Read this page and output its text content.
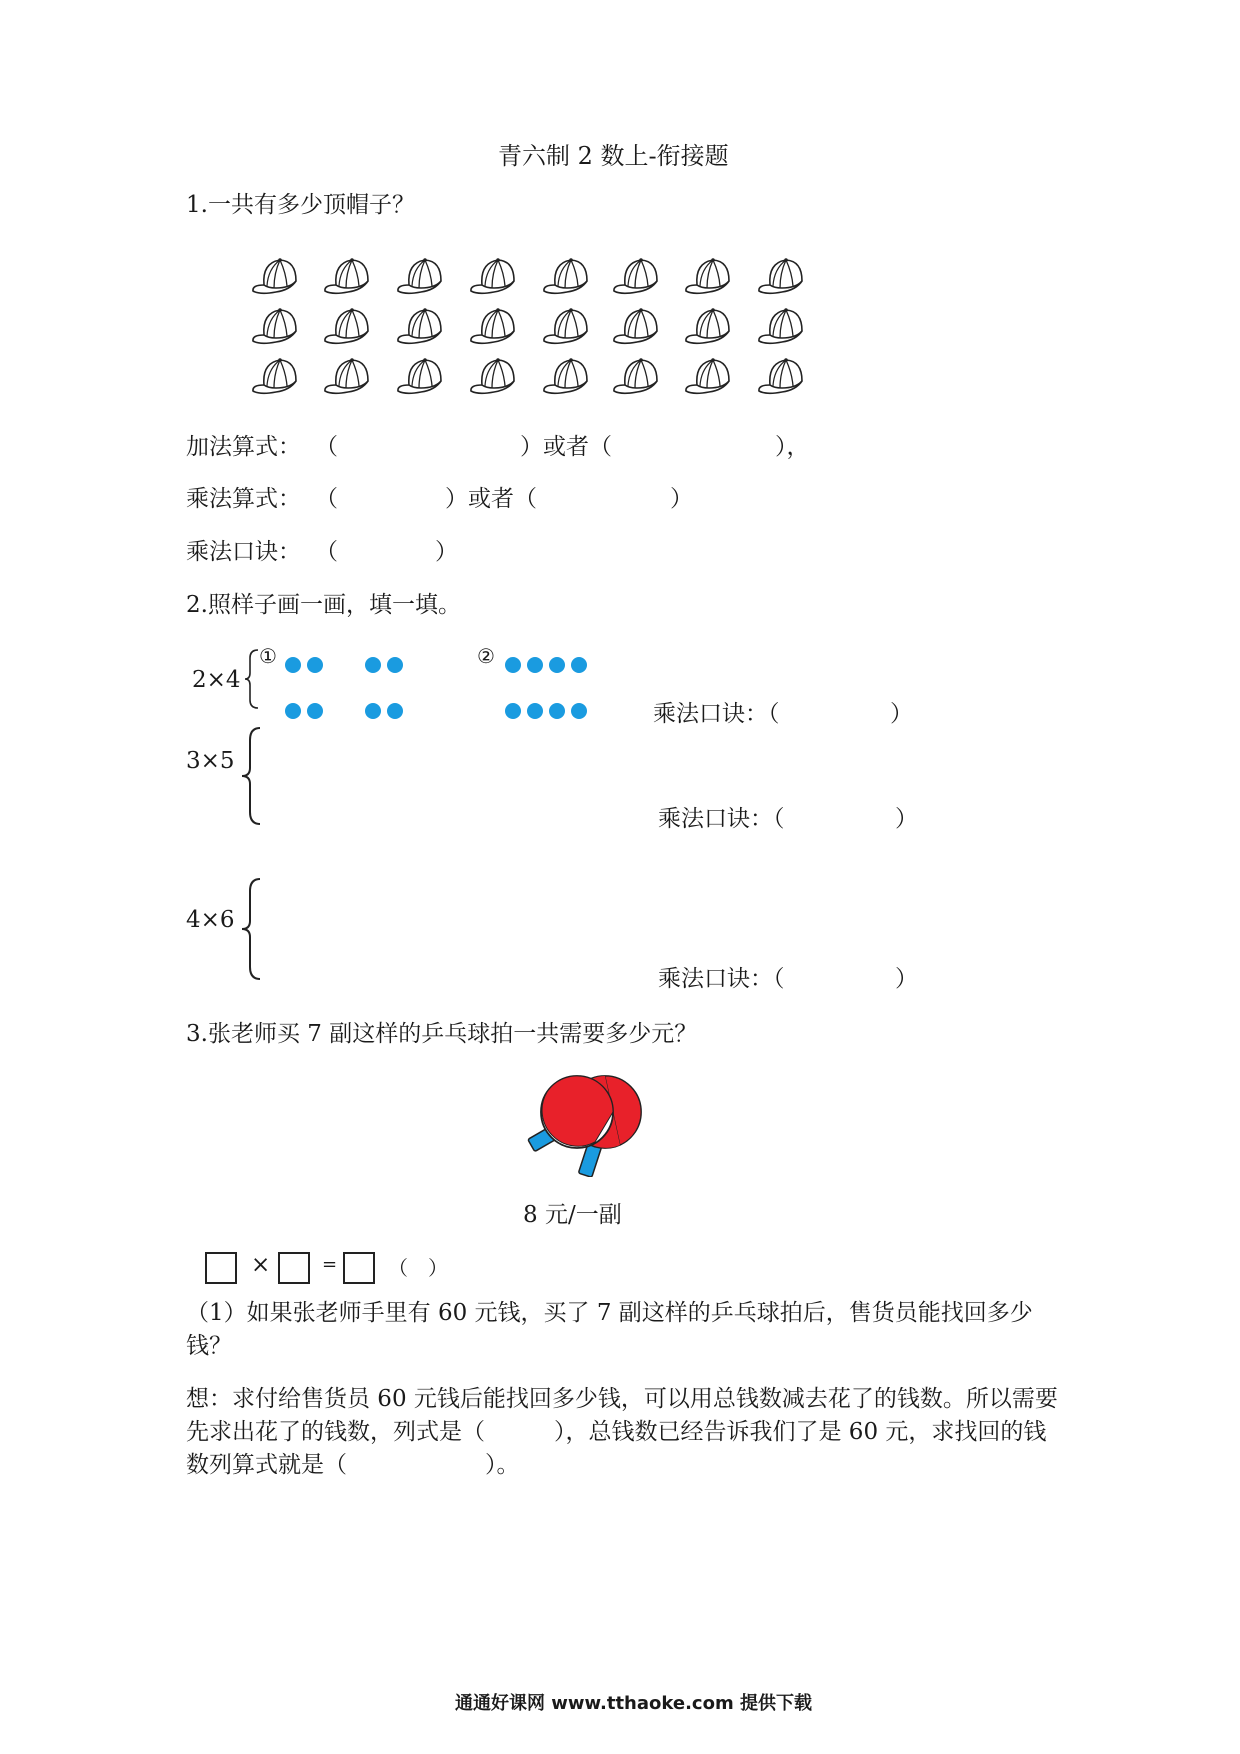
青六制 2 数上-衔接题
1.一共有多少顶帽子？
加法算式： （	）或者（	），
乘法算式： （	）或者（	）
乘法口诀： （	）
2.照样子画一画，填一填。
2×4
①	②
乘法口诀：（	）
3×5
乘法口诀：（	）
4×6
乘法口诀：（	）
3.张老师买 7 副这样的乒乓球拍一共需要多少元？
8 元/一副
×	=	（　）
（1）如果张老师手里有 60 元钱，买了 7 副这样的乒乓球拍后，售货员能找回多少钱？
想：求付给售货员 60 元钱后能找回多少钱，可以用总钱数减去花了的钱数。所以需要先求出花了的钱数，列式是（　　　），总钱数已经告诉我们了是 60 元，求找回的钱数列算式就是（　　　　　　）。
通通好课网 www.tthaoke.com 提供下载
